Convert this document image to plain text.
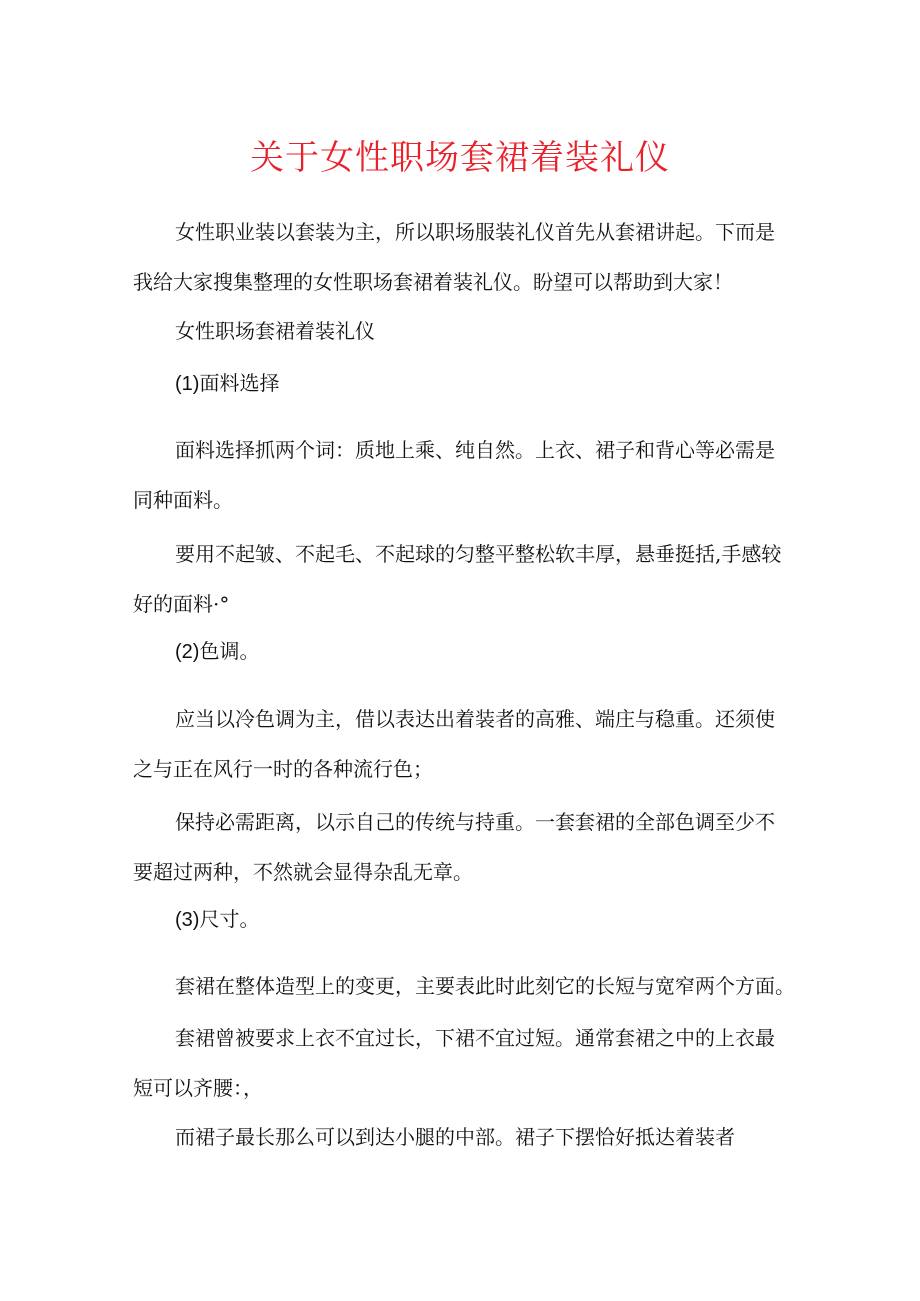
关于女性职场套裙着装礼仪
女性职业装以套装为主，所以职场服装礼仪首先从套裙讲起。下而是
我给大家搜集整理的女性职场套裙着装礼仪。盼望可以帮助到大家！
女性职场套裙着装礼仪
(1)面料选择
面料选择抓两个词：质地上乘、纯自然。上衣、裙子和背心等必需是
同种面料。
要用不起皱、不起毛、不起球的匀整平整松软丰厚，悬垂挺括,手感较
好的面料·°
(2)色调。
应当以冷色调为主，借以表达出着装者的高雅、端庄与稳重。还须使
之与正在风行一时的各种流行色；
保持必需距离，以示自己的传统与持重。一套套裙的全部色调至少不
要超过两种，不然就会显得杂乱无章。
(3)尺寸。
套裙在整体造型上的变更，主要表此时此刻它的长短与宽窄两个方面。
套裙曾被要求上衣不宜过长，下裙不宜过短。通常套裙之中的上衣最
短可以齐腰：，
而裙子最长那么可以到达小腿的中部。裙子下摆恰好抵达着装者
